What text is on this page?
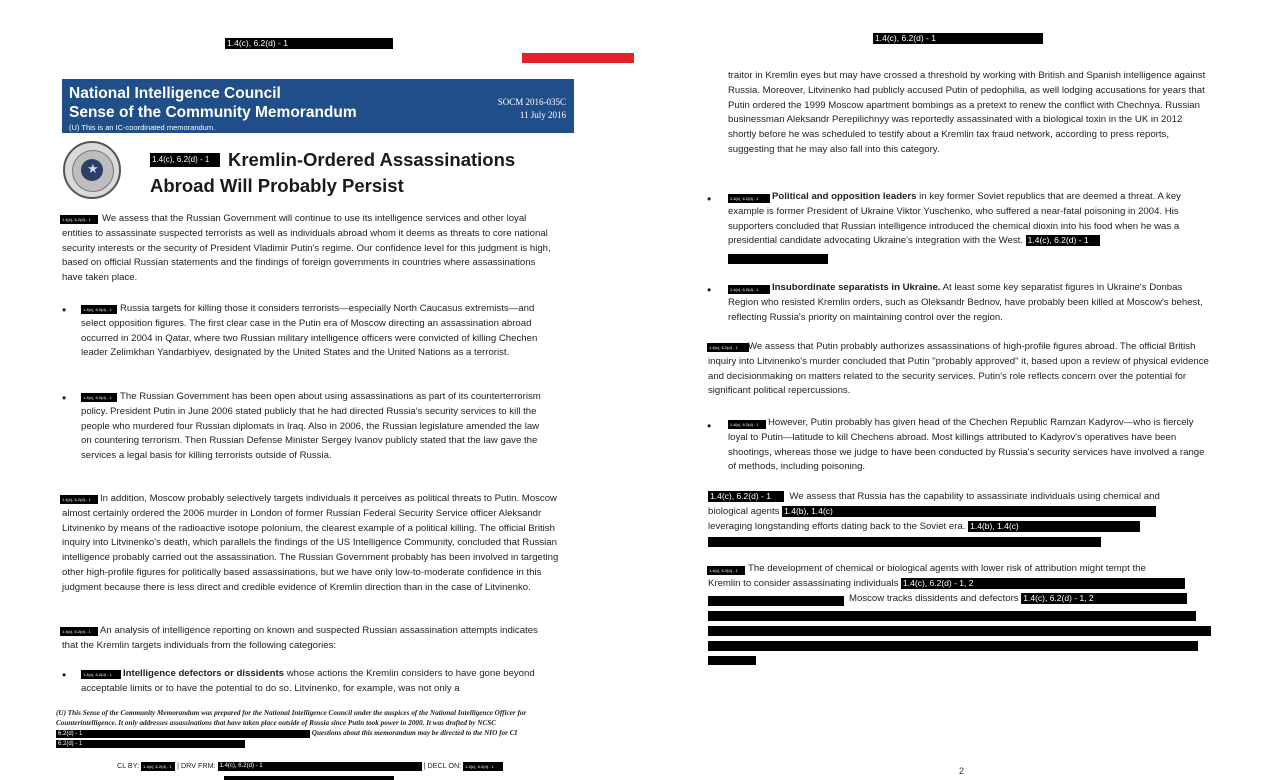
1.4(c), 6.2(d) - 1
National Intelligence Council
Sense of the Community Memorandum
(U) This is an IC-coordinated memorandum.
SOCM 2016-035C
11 July 2016
★
1.4(c), 6.2(d) - 1	Kremlin-Ordered Assassinations
Abroad Will Probably Persist
1.4(c), 6.2(d) - 1	We assess that the Russian Government will continue to use its intelligence services and other loyal entities to assassinate suspected terrorists as well as individuals abroad whom it deems as threats to core national security interests or the security of President Vladimir Putin's regime. Our confidence level for this judgment is high, based on official Russian statements and the findings of foreign governments in countries where assassinations have taken place.
•	1.4(c), 6.2(d) - 1 Russia targets for killing those it considers terrorists—especially North Caucasus extremists—and select opposition figures. The first clear case in the Putin era of Moscow directing an assassination abroad occurred in 2004 in Qatar, where two Russian military intelligence officers were convicted of killing Chechen leader Zelimkhan Yandarbiyev, designated by the United States and the United Nations as a terrorist.
•	1.4(c), 6.2(d) - 1 The Russian Government has been open about using assassinations as part of its counterterrorism policy. President Putin in June 2006 stated publicly that he had directed Russia's security services to kill the people who murdered four Russian diplomats in Iraq. Also in 2006, the Russian legislature amended the law on countering terrorism. Then Russian Defense Minister Sergey Ivanov publicly stated that the law gave the services a legal basis for killing terrorists outside of Russia.
1.4(c), 6.2(d) - 1 In addition, Moscow probably selectively targets individuals it perceives as political threats to Putin. Moscow almost certainly ordered the 2006 murder in London of former Russian Federal Security Service officer Aleksandr Litvinenko by means of the radioactive isotope polonium, the clearest example of a political killing. The official British inquiry into Litvinenko's death, which parallels the findings of the US Intelligence Community, concluded that Russian intelligence probably carried out the assassination. The Russian Government probably has been involved in targeting other high-profile figures for politically based assassinations, but we have only low-to-moderate confidence in this judgment because there is less direct and credible evidence of Kremlin direction than in the case of Litvinenko.
1.4(c), 6.2(d) - 1 An analysis of intelligence reporting on known and suspected Russian assassination attempts indicates that the Kremlin targets individuals from the following categories:
•	1.4(c), 6.2(d) - 1	Intelligence defectors or dissidents whose actions the Kremlin considers to have gone beyond acceptable limits or to have the potential to do so. Litvinenko, for example, was not only a
(U) This Sense of the Community Memorandum was prepared for the National Intelligence Council under the auspices of the National Intelligence Officer for Counterintelligence. It only addresses assassinations that have taken place outside of Russia since Putin took power in 2000. It was drafted by NCSC6.2(d) - 1	Questions about this memorandum may be directed to the NIO for CI6.2(d) - 1
CL BY: 1.4(c), 6.2(d) - 1 | DRV FRM: 1.4(c), 6.2(d) - 1	| DECL ON: 1.4(c), 6.2(d) - 1
1.4(c), 6.2(d) - 1
traitor in Kremlin eyes but may have crossed a threshold by working with British and Spanish intelligence against Russia. Moreover, Litvinenko had publicly accused Putin of pedophilia, as well lodging accusations for years that Putin ordered the 1999 Moscow apartment bombings as a pretext to renew the conflict with Chechnya. Russian businessman Aleksandr Perepilichnyy was reportedly assassinated with a biological toxin in the UK in 2012 shortly before he was scheduled to testify about a Kremlin tax fraud network, according to press reports, suggesting that he may also fall into this category.
•	1.4(c), 6.2(d) - 1	Political and opposition leaders in key former Soviet republics that are deemed a threat. A key example is former President of Ukraine Viktor Yuschenko, who suffered a near-fatal poisoning in 2004. His supporters concluded that Russian intelligence introduced the chemical dioxin into his food when he was a presidential candidate advocating Ukraine's integration with the West. 1.4(c), 6.2(d) - 1
•	1.4(c), 6.2(d) - 1	Insubordinate separatists in Ukraine. At least some key separatist figures in Ukraine's Donbas Region who resisted Kremlin orders, such as Oleksandr Bednov, have probably been killed at Moscow's behest, reflecting Russia's priority on maintaining control over the region.
1.4(c), 6.2(d) - 1	We assess that Putin probably authorizes assassinations of high-profile figures abroad. The official British inquiry into Litvinenko's murder concluded that Putin "probably approved" it, based upon a review of physical evidence and decisionmaking on matters related to the security services. Putin's role reflects concern over the potential for significant political repercussions.
•	1.4(c), 6.2(d) - 1 However, Putin probably has given head of the Chechen Republic Ramzan Kadyrov—who is fiercely loyal to Putin—latitude to kill Chechens abroad. Most killings attributed to Kadyrov's operatives have been shootings, whereas those we judge to have been conducted by Russia's security services have involved a range of methods, including poisoning.
1.4(c), 6.2(d) - 1 We assess that Russia has the capability to assassinate individuals using chemical and
biological agents 1.4(b), 1.4(c)
leveraging longstanding efforts dating back to the Soviet era. 1.4(b), 1.4(c)
1.4(c), 6.2(d) - 1	The development of chemical or biological agents with lower risk of attribution might tempt the
Kremlin to consider assassinating individuals 1.4(c), 6.2(d) - 1, 2
Moscow tracks dissidents and defectors 1.4(c), 6.2(d) - 1, 2
2
